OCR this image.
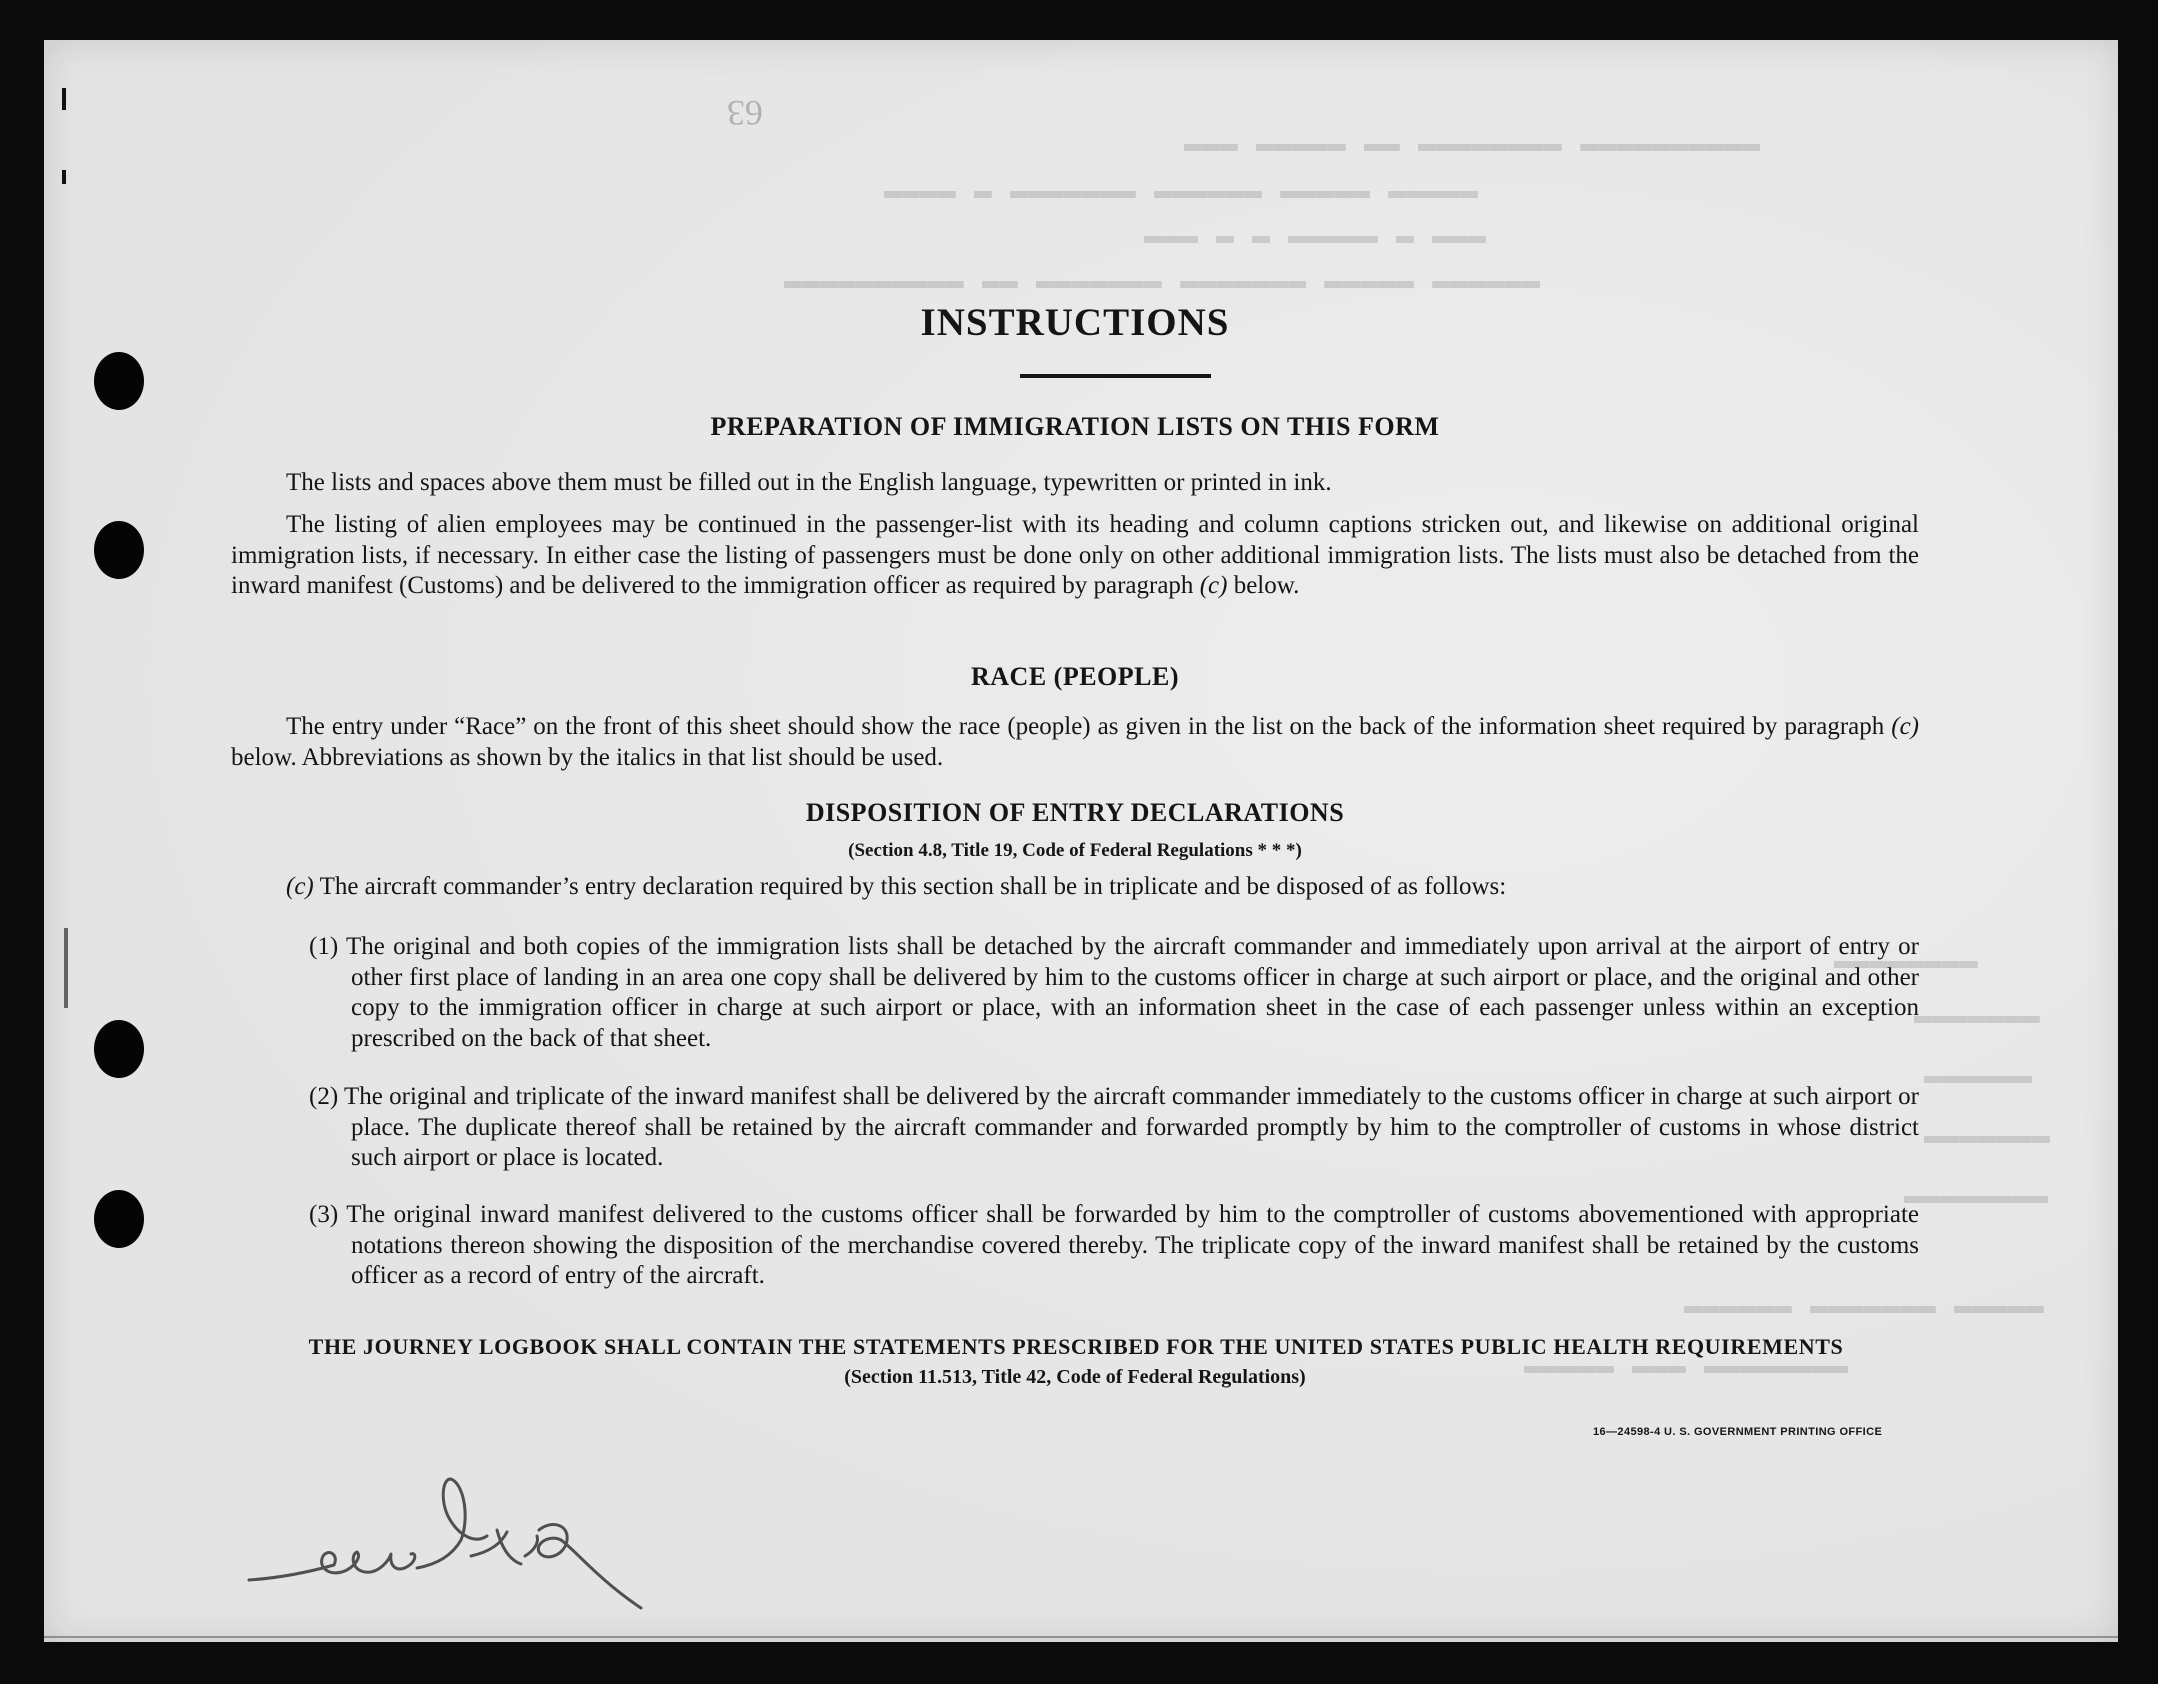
▬▬▬ ▬▬▬▬▬ ▬▬ ▬▬▬▬▬▬▬▬ ▬▬▬▬▬▬▬▬▬▬
▬▬▬▬ ▬ ▬▬▬▬▬▬▬ ▬▬▬▬▬▬ ▬▬▬▬▬ ▬▬▬▬▬
▬▬▬ ▬ ▬ ▬▬▬▬▬ ▬ ▬▬▬
▬▬▬▬▬▬▬▬▬▬ ▬▬ ▬▬▬▬▬▬▬ ▬▬▬▬▬▬▬ ▬▬▬▬▬ ▬▬▬▬▬▬
▬▬▬▬▬▬▬▬
▬▬▬▬▬▬▬
▬▬▬▬▬▬
▬▬▬▬▬▬▬
▬▬▬▬▬▬▬▬
▬▬▬▬▬▬ ▬▬▬▬▬▬▬ ▬▬▬▬▬
▬▬▬▬▬ ▬▬▬ ▬▬▬▬▬▬▬▬
63
INSTRUCTIONS
PREPARATION OF IMMIGRATION LISTS ON THIS FORM

The lists and spaces above them must be filled out in the English language, typewritten or printed in ink.

The listing of alien employees may be continued in the passenger-list with its heading and column captions stricken out, and likewise on additional original immigration lists, if necessary. In either case the listing of passengers must be done only on other additional immigration lists. The lists must also be detached from the inward manifest (Customs) and be delivered to the immigration officer as required by paragraph (c) below.

RACE (PEOPLE)

The entry under “Race” on the front of this sheet should show the race (people) as given in the list on the back of the information sheet required by paragraph (c) below. Abbreviations as shown by the italics in that list should be used.

DISPOSITION OF ENTRY DECLARATIONS
(Section 4.8, Title 19, Code of Federal Regulations * * *)

(c) The aircraft commander’s entry declaration required by this section shall be in triplicate and be disposed of as follows:

(1) The original and both copies of the immigration lists shall be detached by the aircraft commander and immediately upon arrival at the airport of entry or other first place of landing in an area one copy shall be delivered by him to the customs officer in charge at such airport or place, and the original and other copy to the immigration officer in charge at such airport or place, with an information sheet in the case of each passenger unless within an exception prescribed on the back of that sheet.

(2) The original and triplicate of the inward manifest shall be delivered by the aircraft commander immediately to the customs officer in charge at such airport or place. The duplicate thereof shall be retained by the aircraft commander and forwarded promptly by him to the comptroller of customs in whose district such airport or place is located.

(3) The original inward manifest delivered to the customs officer shall be forwarded by him to the comptroller of customs abovementioned with appropriate notations thereon showing the disposition of the merchandise covered thereby. The triplicate copy of the inward manifest shall be retained by the customs officer as a record of entry of the aircraft.

THE JOURNEY LOGBOOK SHALL CONTAIN THE STATEMENTS PRESCRIBED FOR THE UNITED STATES PUBLIC HEALTH REQUIREMENTS
(Section 11.513, Title 42, Code of Federal Regulations)
16—24598-4 U. S. GOVERNMENT PRINTING OFFICE
